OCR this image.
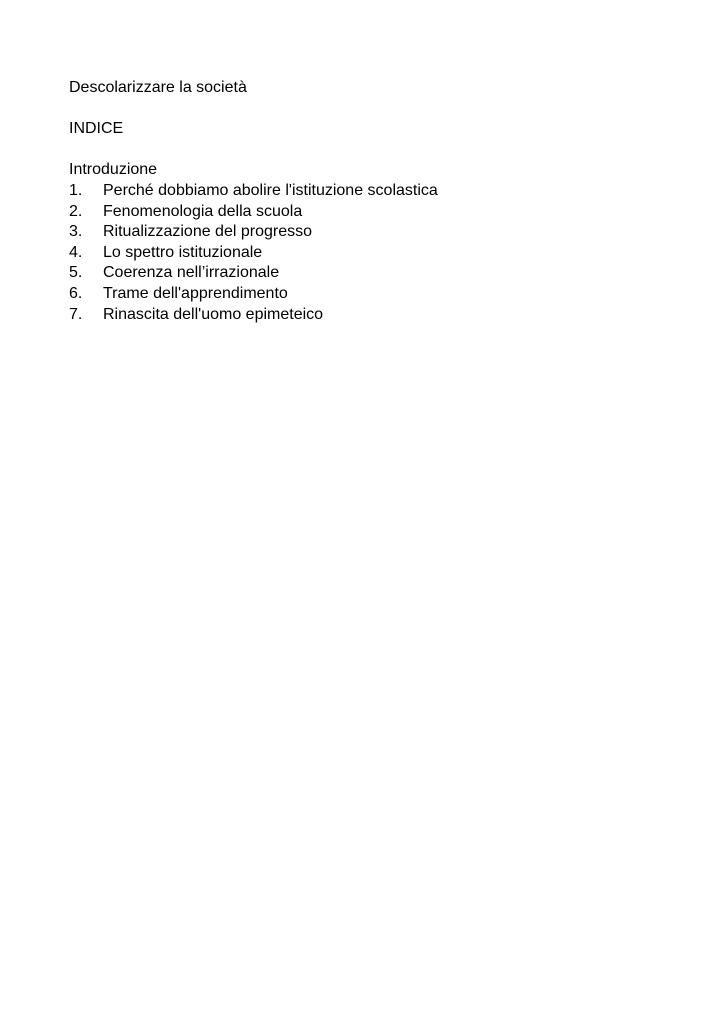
Descolarizzare la società
INDICE
Introduzione
1.	Perché dobbiamo abolire l'istituzione scolastica
2.	Fenomenologia della scuola
3.	Ritualizzazione del progresso
4.	Lo spettro istituzionale
5.	Coerenza nell’irrazionale
6.	Trame dell'apprendimento
7.	Rinascita dell'uomo epimeteico
